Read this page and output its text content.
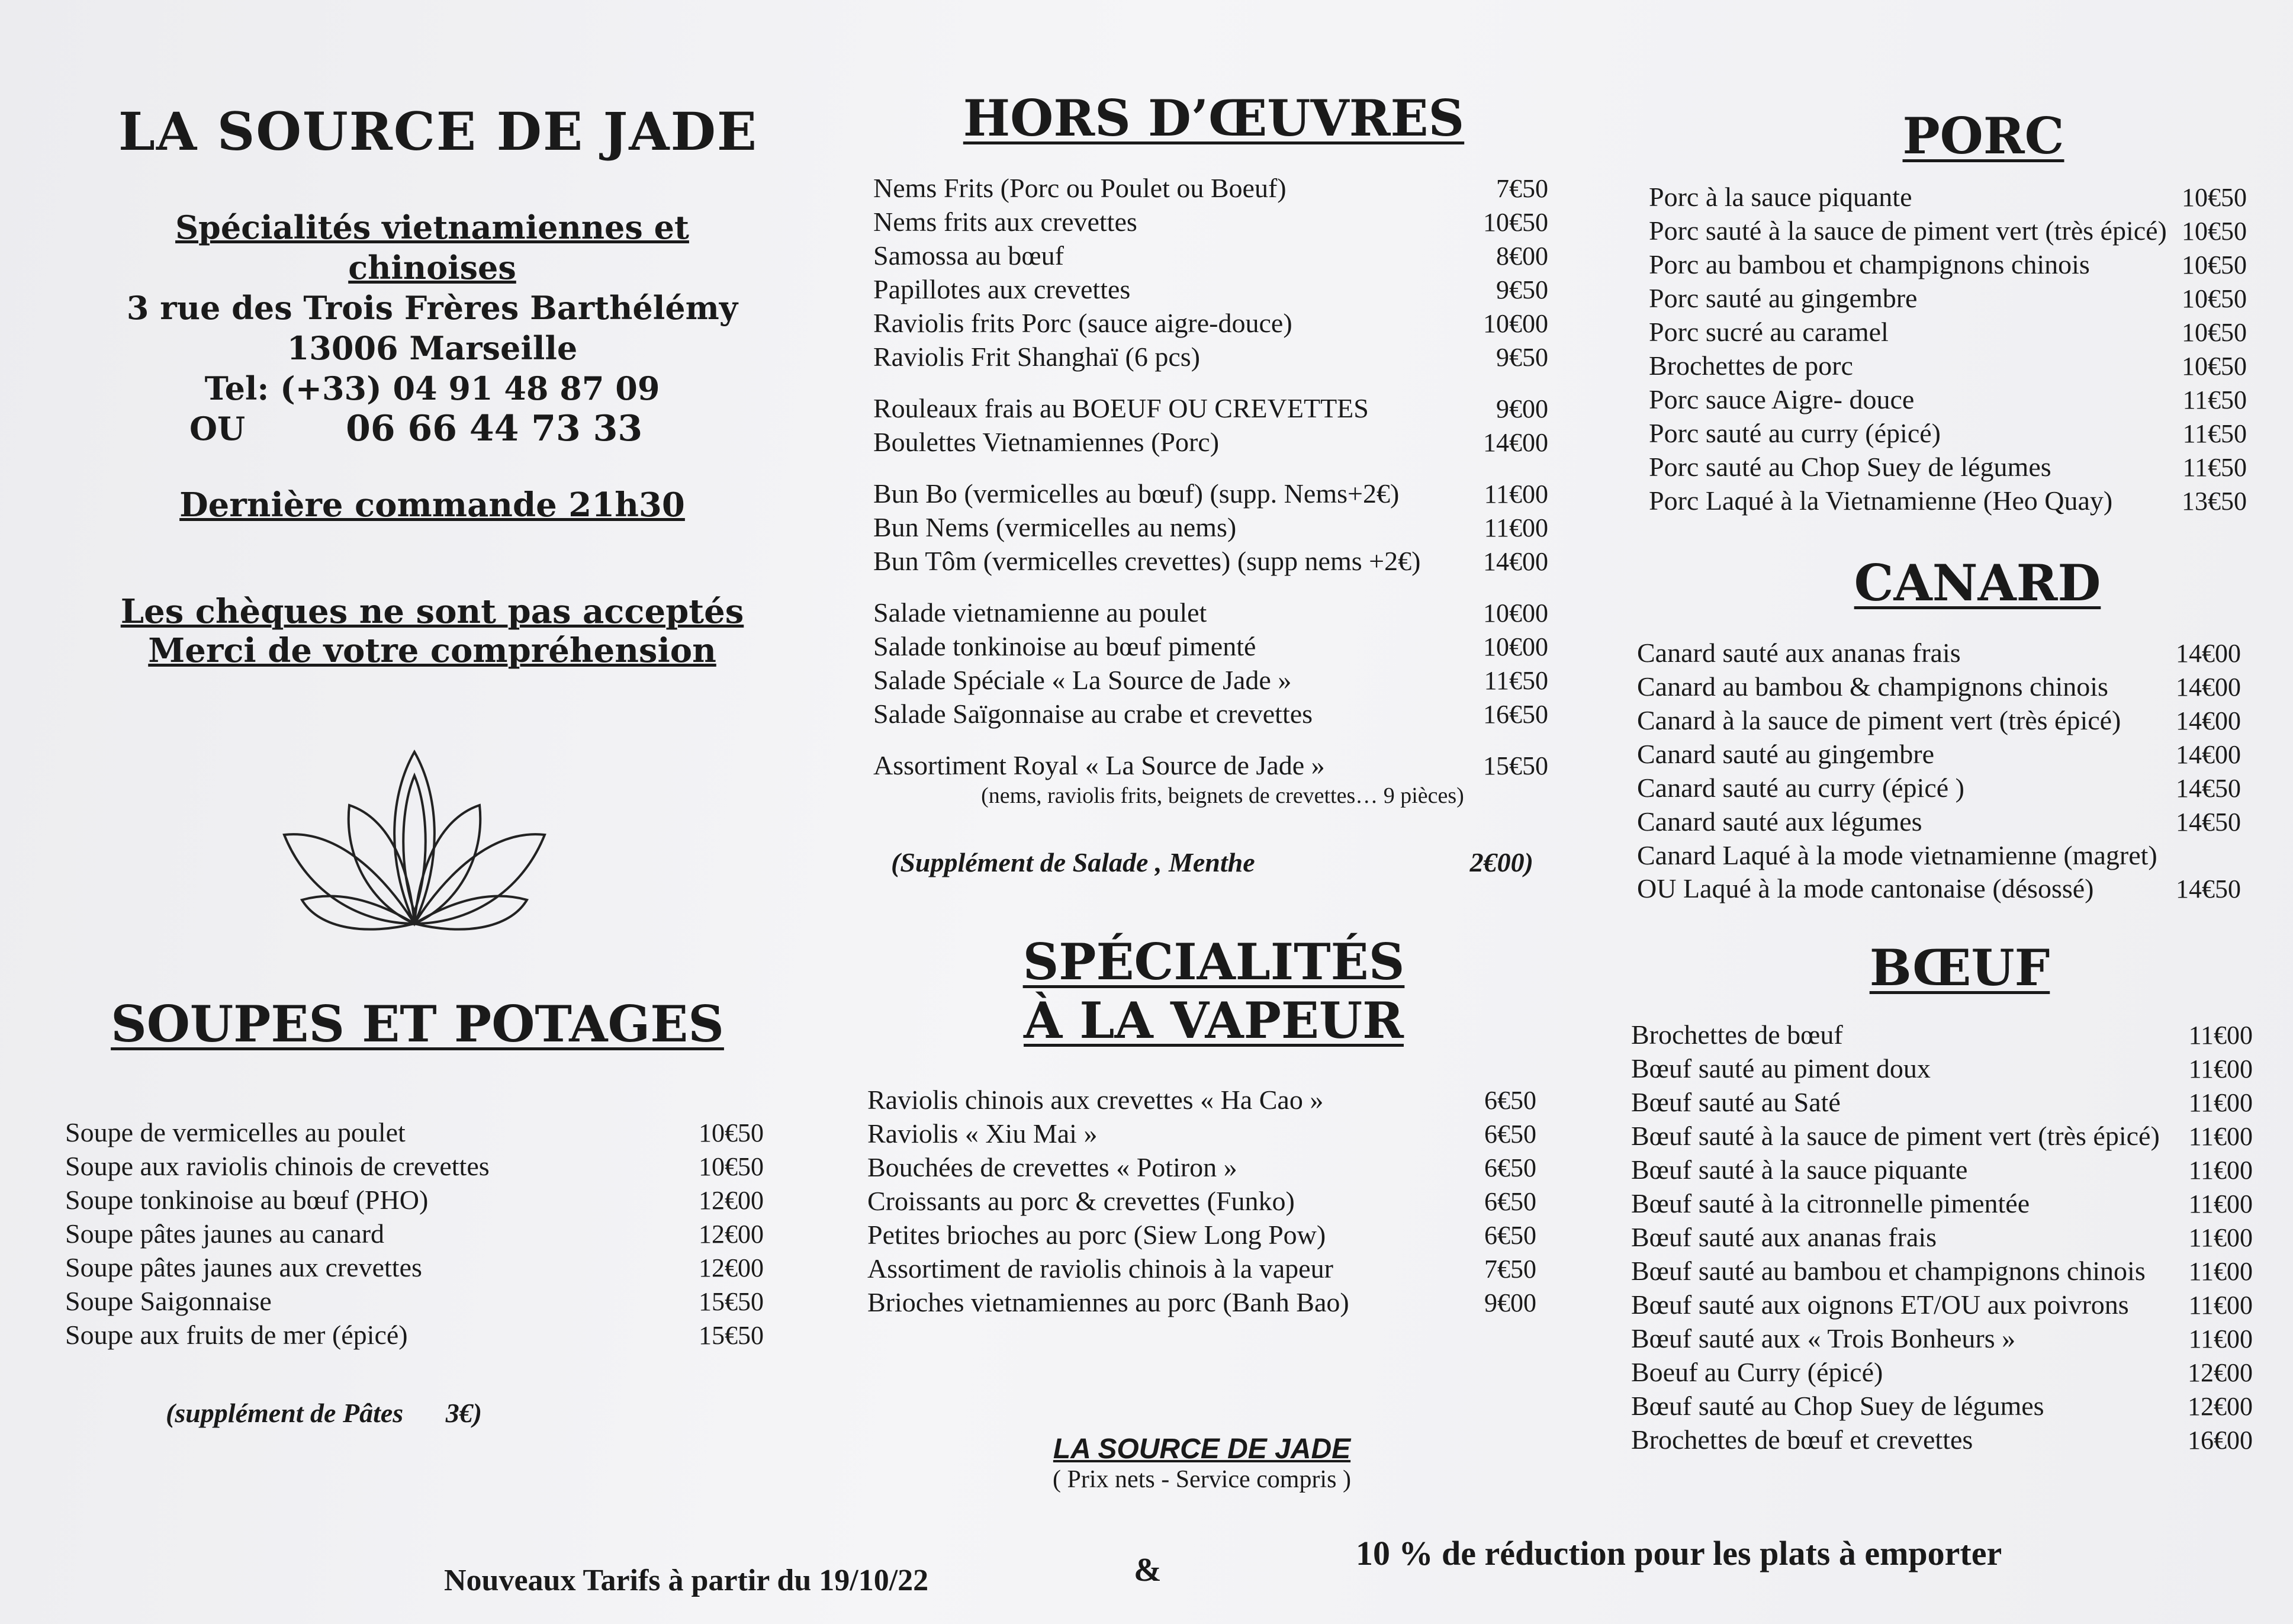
LA SOURCE DE JADE
Spécialités vietnamiennes et chinoises
3 rue des Trois Frères Barthélémy
13006 Marseille
Tel: (+33) 04 91 48 87 09
OU	06 66 44 73 33
Dernière commande 21h30
Les chèques ne sont pas acceptés
Merci de votre compréhension
SOUPES ET POTAGES
Soupe de vermicelles au poulet	10€50
Soupe aux raviolis chinois de crevettes	10€50
Soupe tonkinoise au bœuf (PHO)	12€00
Soupe pâtes jaunes au canard	12€00
Soupe pâtes jaunes aux crevettes	12€00
Soupe Saigonnaise	15€50
Soupe aux fruits de mer (épicé)	15€50
(supplément de Pâtes 3€)
HORS D’ŒUVRES
Nems Frits (Porc ou Poulet ou Boeuf)	7€50
Nems frits aux crevettes	10€50
Samossa au bœuf	8€00
Papillotes aux crevettes	9€50
Raviolis frits Porc (sauce aigre-douce)	10€00
Raviolis Frit Shanghaï (6 pcs)	9€50
Rouleaux frais au BOEUF OU CREVETTES	9€00
Boulettes Vietnamiennes (Porc)	14€00
Bun Bo (vermicelles au bœuf) (supp. Nems+2€)	11€00
Bun Nems (vermicelles au nems)	11€00
Bun Tôm (vermicelles crevettes) (supp nems +2€) 14€00
Salade vietnamienne au poulet	10€00
Salade tonkinoise au bœuf pimenté	10€00
Salade Spéciale « La Source de Jade »	11€50
Salade Saïgonnaise au crabe et crevettes	16€50
Assortiment Royal « La Source de Jade »	15€50
(nems, raviolis frits, beignets de crevettes… 9 pièces)
(Supplément de Salade , Menthe	2€00)
SPÉCIALITÉS
À LA VAPEUR
Raviolis chinois aux crevettes « Ha Cao »	6€50
Raviolis « Xiu Mai »	6€50
Bouchées de crevettes « Potiron »	6€50
Croissants au porc & crevettes (Funko)	6€50
Petites brioches au porc (Siew Long Pow)	6€50
Assortiment de raviolis chinois à la vapeur	7€50
Brioches vietnamiennes au porc (Banh Bao)	9€00
LA SOURCE DE JADE
( Prix nets - Service compris )
PORC
Porc à la sauce piquante	10€50
Porc sauté à la sauce de piment vert (très épicé) 10€50
Porc au bambou et champignons chinois	10€50
Porc sauté au gingembre	10€50
Porc sucré au caramel	10€50
Brochettes de porc	10€50
Porc sauce Aigre- douce	11€50
Porc sauté au curry (épicé)	11€50
Porc sauté au Chop Suey de légumes	11€50
Porc Laqué à la Vietnamienne (Heo Quay)	13€50
CANARD
Canard sauté aux ananas frais	14€00
Canard au bambou & champignons chinois	14€00
Canard à la sauce de piment vert (très épicé) 14€00
Canard sauté au gingembre	14€00
Canard sauté au curry (épicé )	14€50
Canard sauté aux légumes	14€50
Canard Laqué à la mode vietnamienne (magret)
OU Laqué à la mode cantonaise (désossé)	14€50
BŒUF
Brochettes de bœuf	11€00
Bœuf sauté au piment doux	11€00
Bœuf sauté au Saté	11€00
Bœuf sauté à la sauce de piment vert (très épicé) 11€00
Bœuf sauté à la sauce piquante	11€00
Bœuf sauté à la citronnelle pimentée	11€00
Bœuf sauté aux ananas frais	11€00
Bœuf sauté au bambou et champignons chinois 11€00
Bœuf sauté aux oignons ET/OU aux poivrons 11€00
Bœuf sauté aux « Trois Bonheurs »	11€00
Boeuf au Curry (épicé)	12€00
Bœuf sauté au Chop Suey de légumes	12€00
Brochettes de bœuf et crevettes	16€00
Nouveaux Tarifs à partir du 19/10/22	&	10 % de réduction pour les plats à emporter
